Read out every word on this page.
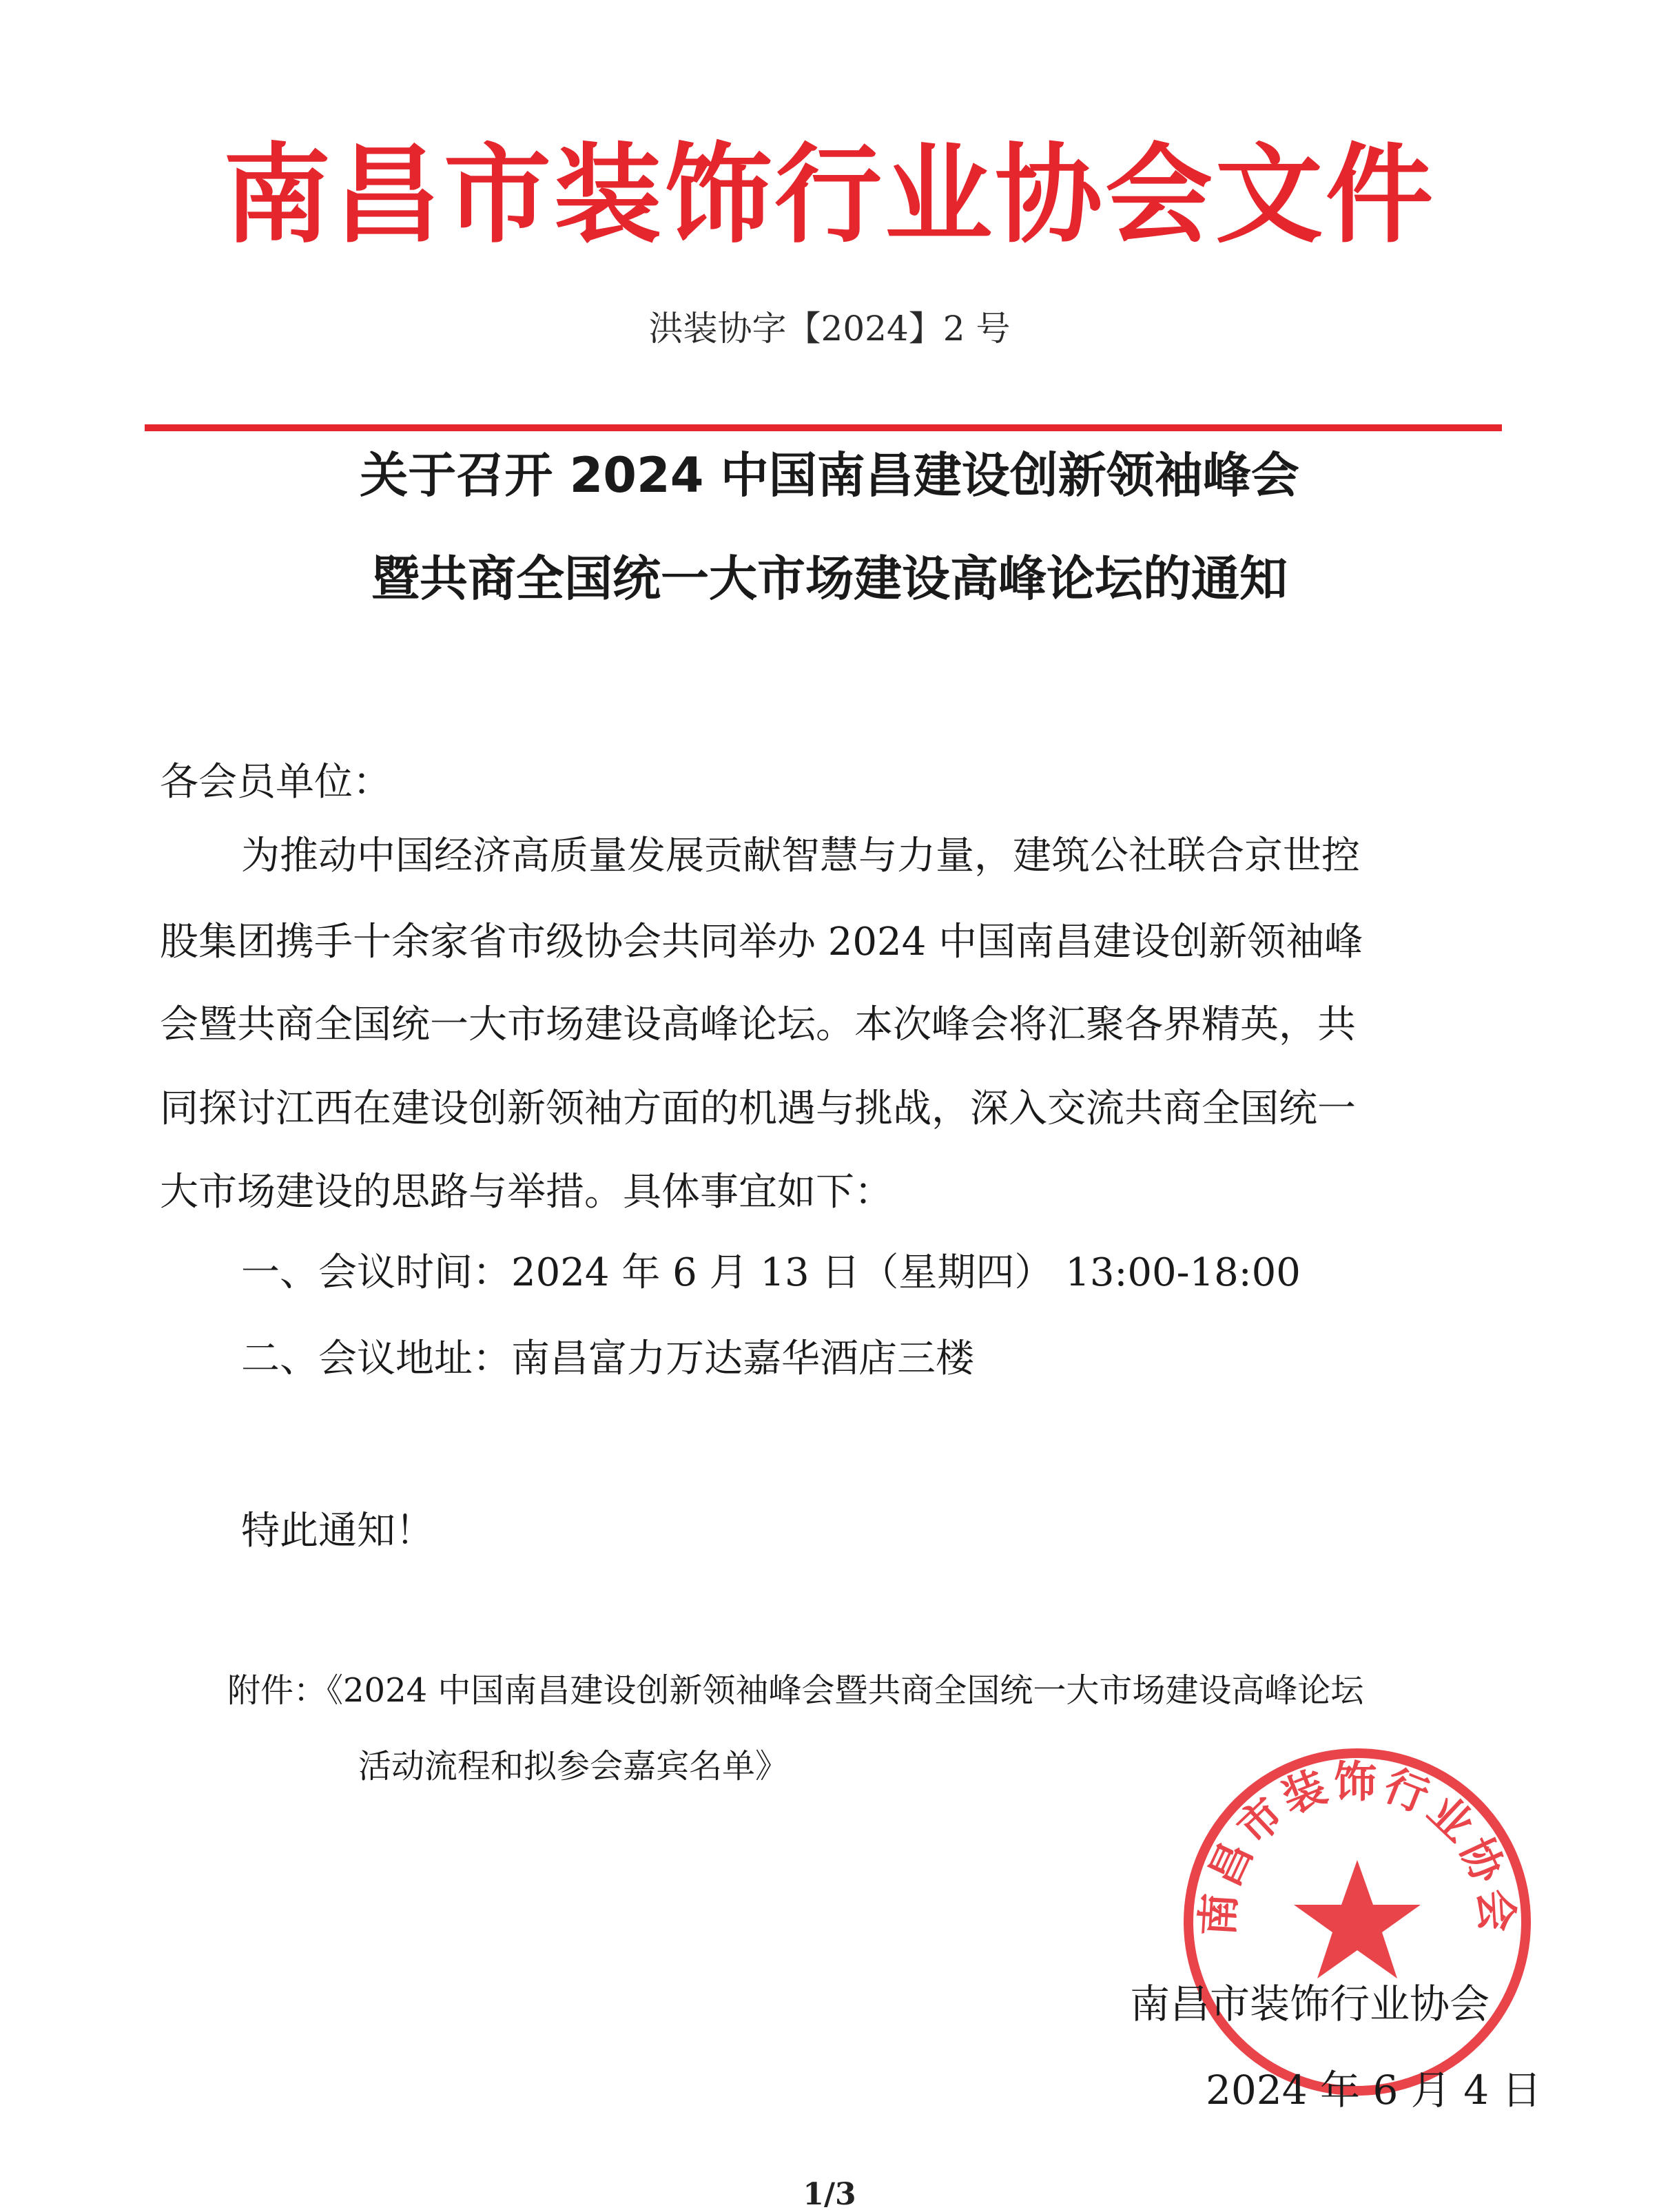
南昌市装饰行业协会文件
洪装协字【2024】2 号
关于召开 2024 中国南昌建设创新领袖峰会
暨共商全国统一大市场建设高峰论坛的通知
各会员单位：
为推动中国经济高质量发展贡献智慧与力量，建筑公社联合京世控
股集团携手十余家省市级协会共同举办 2024 中国南昌建设创新领袖峰
会暨共商全国统一大市场建设高峰论坛。本次峰会将汇聚各界精英，共
同探讨江西在建设创新领袖方面的机遇与挑战，深入交流共商全国统一
大市场建设的思路与举措。具体事宜如下：
一、会议时间：2024 年 6 月 13 日（星期四） 13:00-18:00
二、会议地址：南昌富力万达嘉华酒店三楼
特此通知！
附件：《2024 中国南昌建设创新领袖峰会暨共商全国统一大市场建设高峰论坛
活动流程和拟参会嘉宾名单》
南昌市装饰行业协会
南昌市装饰行业协会
2024 年 6 月 4 日
1/3
